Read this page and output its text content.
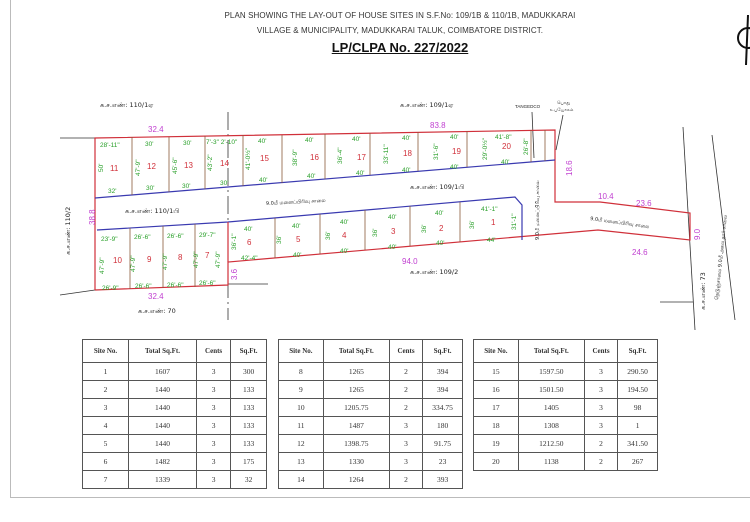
PLAN SHOWING THE LAY-OUT OF HOUSE SITES IN S.F.No: 109/1B & 110/1B, MADUKKARAI
VILLAGE & MUNICIPALITY, MADUKKARAI TALUK, COIMBATORE DISTRICT.
LP/CLPA No. 227/2022
க.ச.எண்: 110/1ஏ	க.ச.எண்: 109/1ஏ
க.ச.எண்: 110/1பி
க.ச.எண்: 109/1பி
க.ச.எண்: 109/2
க.ச.எண்: 70
க.ச.எண்: 110/2
க.ச.எண்: 73
9.0மீ மனைப்பிரிவு சாலை
9.0மீ மனைப்பிரிவு சாலை
9.0மீ மனைப்பிரிவு சாலை
நெடுஞ்சாலை 9.0மீ அகல தார் சாலை
TANGEDCO
பொது
உபயோகம்
32.4	83.8
38.8
32.4
3.6
18.6
10.4
23.6
9.0
24.6
94.0
11	12	13	14
15	16	17	18	19
20
10	9	8	7
6	5	4	3	2
1
28'-11"	30'	30' 7'-3" 2'-10"	40'	40'	40'	40'	40'	41'-8"
32'	30'	30'	30'	40'
40'	40'	40'	40'
40'
50'	47'-9"	45'-6"	43'-2"	41'-0½"	38'-9"	36'-4"	33'-11"	31'-6"	29'-0½"	26'-8"
23'-9"	26'-6"	26'-6" 29'-7"
26'-9"	26'-6" 26'-6" 26'-6"
47'-9"	47'-9"	47'-9"	47'-9" 47'-9"
36'-1"
40'	40'
40'
40'
40'
41'-1"
42'-4"	40'
40'
40'
40'	44'
36'	36'	36'	36'	36'	31'-1"
Site No.	Total Sq.Ft.	Cents	Sq.Ft.
1	1607	3	300
2	1440	3	133
3	1440	3	133
4	1440	3	133
5	1440	3	133
6	1482	3	175
7	1339	3	32
Site No.	Total Sq.Ft.	Cents	Sq.Ft.
8	1265	2	394
9	1265	2	394
10	1205.75	2	334.75
11	1487	3	180
12	1398.75	3	91.75
13	1330	3	23
14	1264	2	393
Site No.	Total Sq.Ft.	Cents	Sq.Ft.
15	1597.50	3	290.50
16	1501.50	3	194.50
17	1405	3	98
18	1308	3	1
19	1212.50	2	341.50
20	1138	2	267
